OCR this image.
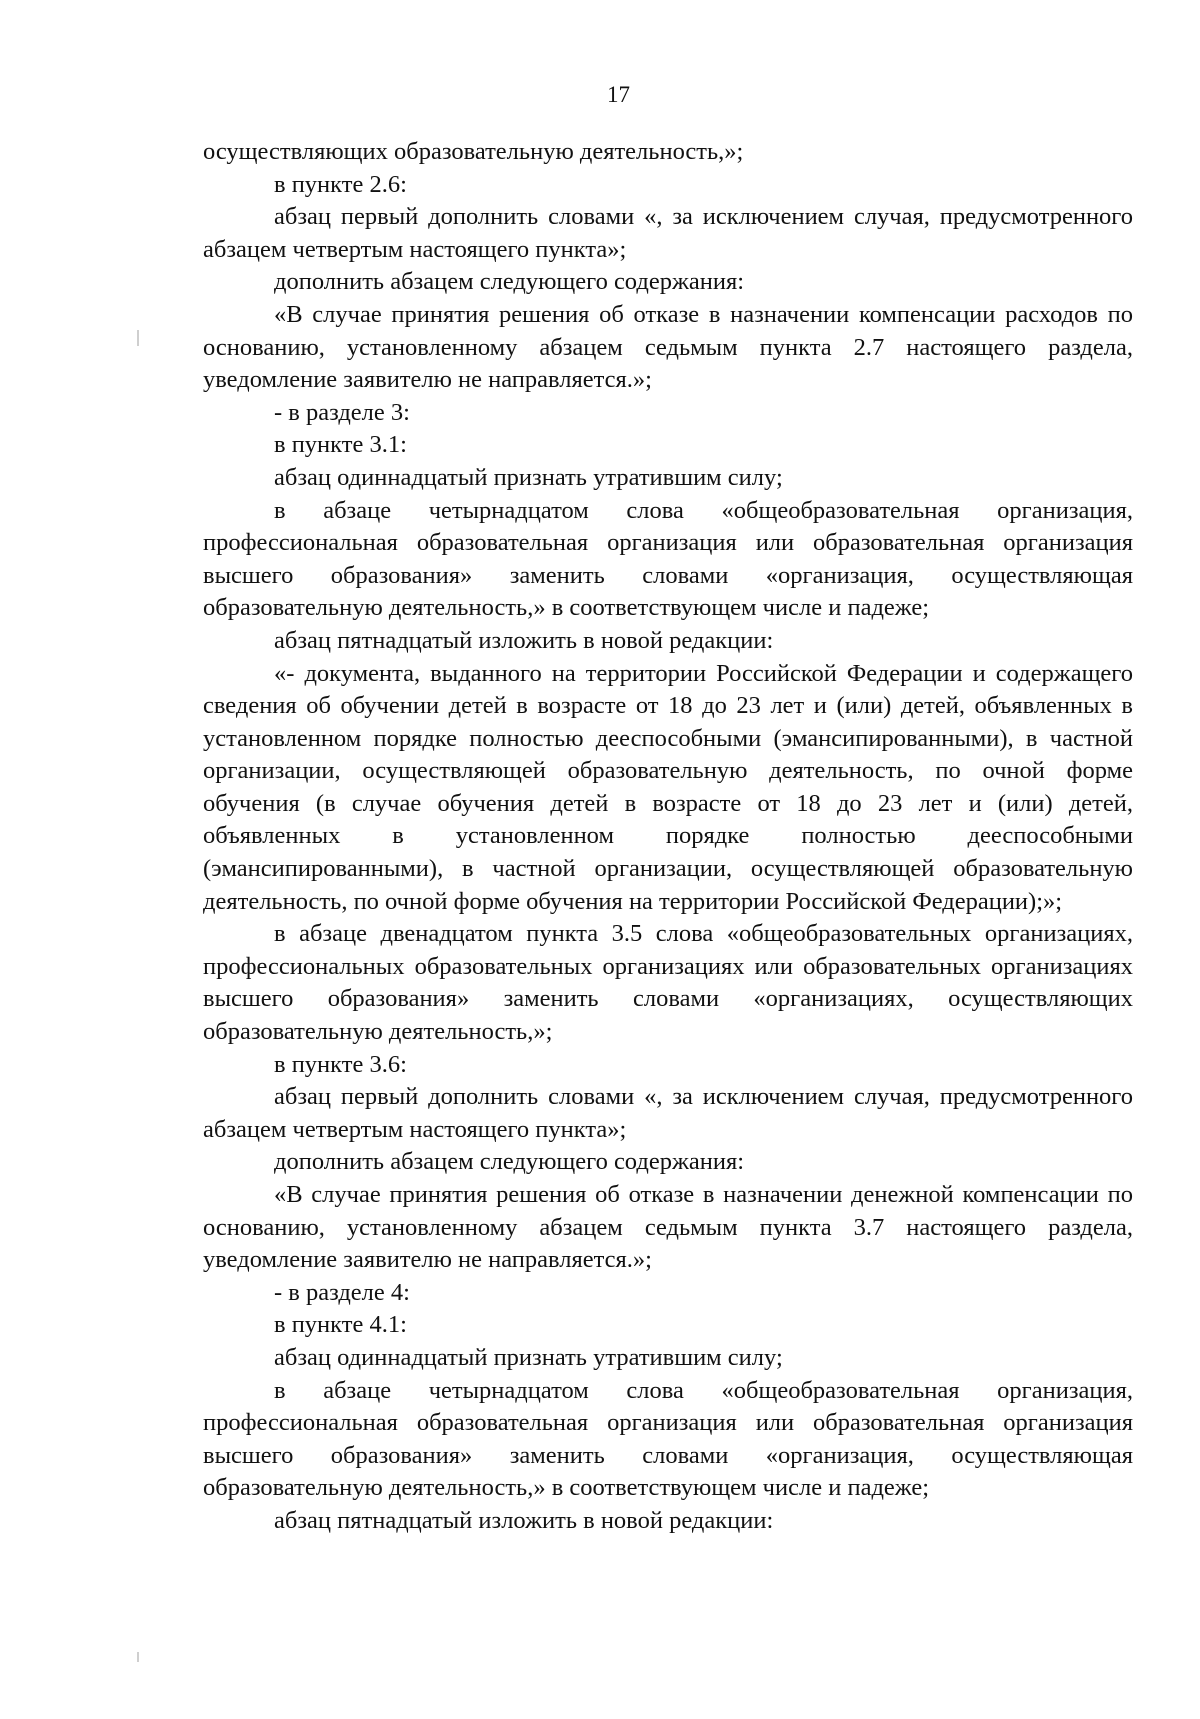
17

осуществляющих образовательную деятельность,»;

в пункте 2.6:

абзац первый дополнить словами «, за исключением случая, предусмотренного абзацем четвертым настоящего пункта»;

дополнить абзацем следующего содержания:

«В случае принятия решения об отказе в назначении компенсации расходов по основанию, установленному абзацем седьмым пункта 2.7 настоящего раздела, уведомление заявителю не направляется.»;

- в разделе 3:

в пункте 3.1:

абзац одиннадцатый признать утратившим силу;

в абзаце четырнадцатом слова «общеобразовательная организация, профессиональная образовательная организация или образовательная организация высшего образования» заменить словами «организация, осуществляющая образовательную деятельность,» в соответствующем числе и падеже;

абзац пятнадцатый изложить в новой редакции:

«- документа, выданного на территории Российской Федерации и содержащего сведения об обучении детей в возрасте от 18 до 23 лет и (или) детей, объявленных в установленном порядке полностью дееспособными (эмансипированными), в частной организации, осуществляющей образовательную деятельность, по очной форме обучения (в случае обучения детей в возрасте от 18 до 23 лет и (или) детей, объявленных в установленном порядке полностью дееспособными (эмансипированными), в частной организации, осуществляющей образовательную деятельность, по очной форме обучения на территории Российской Федерации);»;

в абзаце двенадцатом пункта 3.5 слова «общеобразовательных организациях, профессиональных образовательных организациях или образовательных организациях высшего образования» заменить словами «организациях, осуществляющих образовательную деятельность,»;

в пункте 3.6:

абзац первый дополнить словами «, за исключением случая, предусмотренного абзацем четвертым настоящего пункта»;

дополнить абзацем следующего содержания:

«В случае принятия решения об отказе в назначении денежной компенсации по основанию, установленному абзацем седьмым пункта 3.7 настоящего раздела, уведомление заявителю не направляется.»;

- в разделе 4:

в пункте 4.1:

абзац одиннадцатый признать утратившим силу;

в абзаце четырнадцатом слова «общеобразовательная организация, профессиональная образовательная организация или образовательная организация высшего образования» заменить словами «организация, осуществляющая образовательную деятельность,» в соответствующем числе и падеже;

абзац пятнадцатый изложить в новой редакции:
